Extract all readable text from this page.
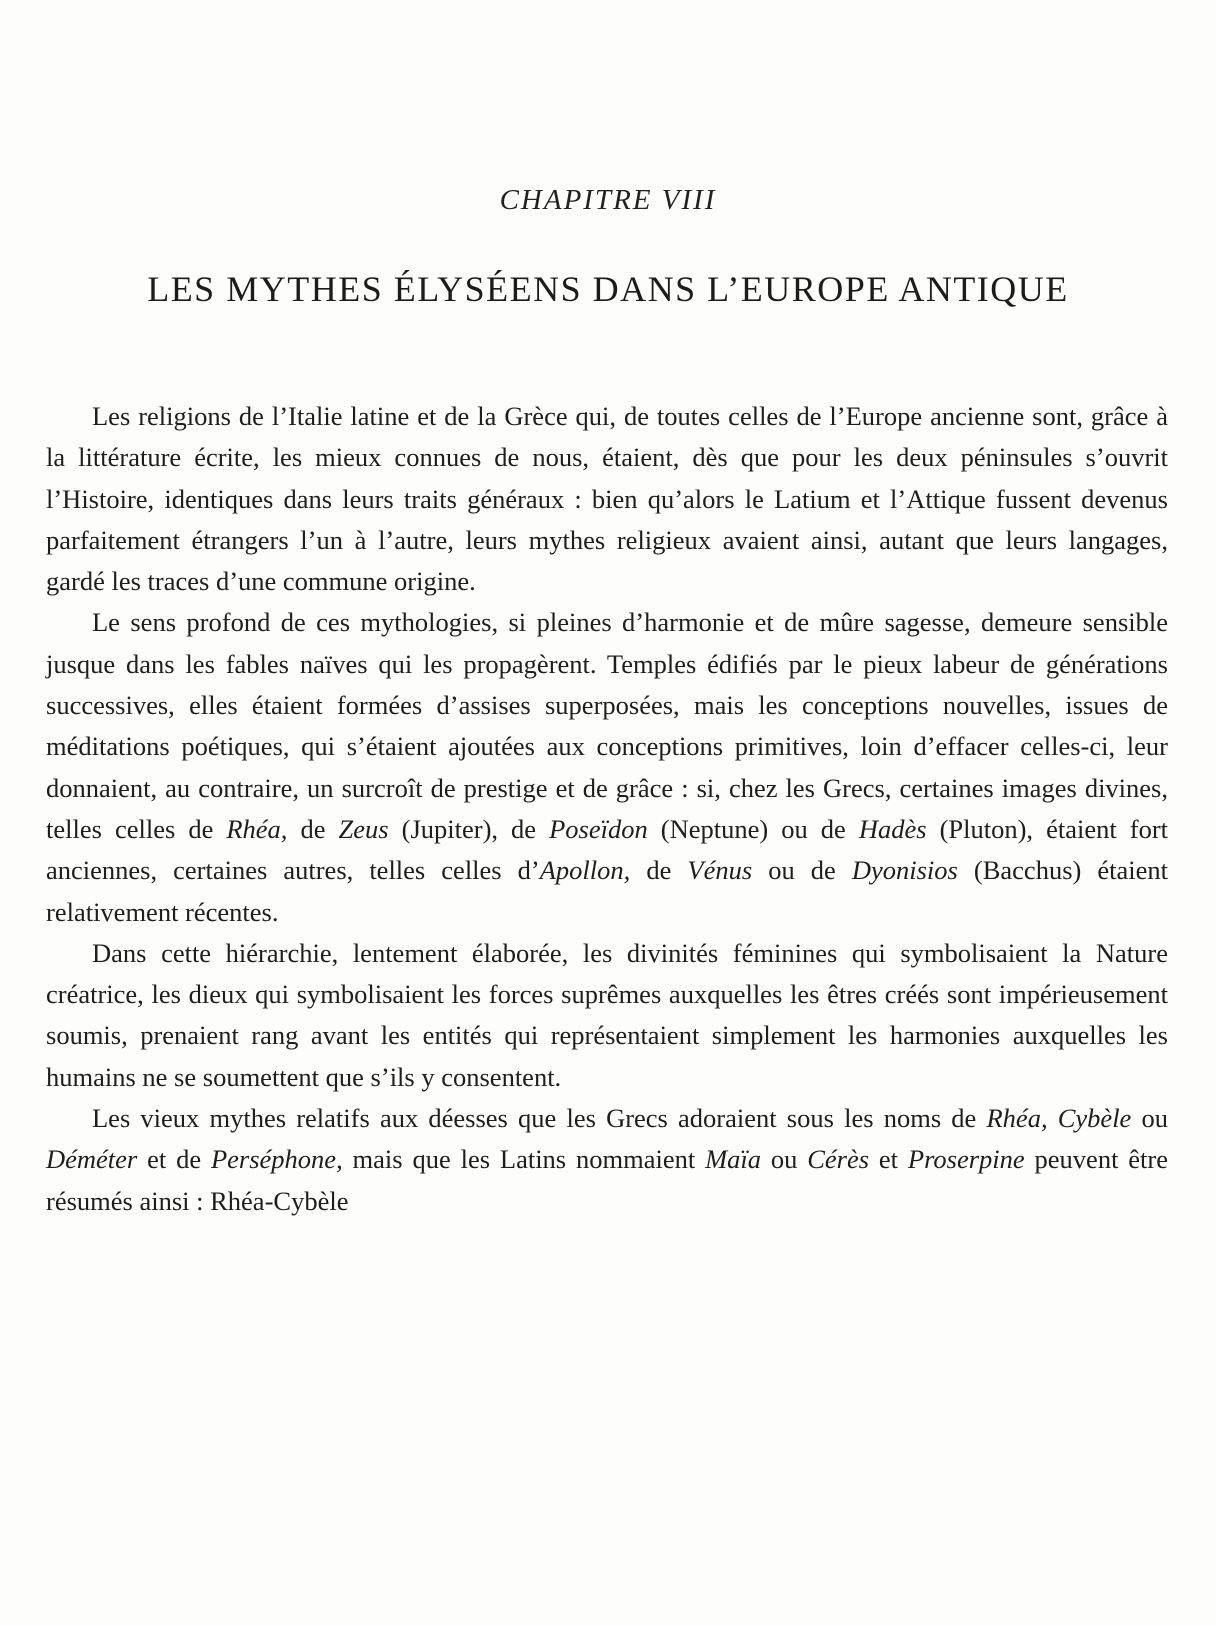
CHAPITRE VIII
LES MYTHES ÉLYSÉENS DANS L’EUROPE ANTIQUE

Les religions de l’Italie latine et de la Grèce qui, de toutes celles de l’Europe ancienne sont, grâce à la littérature écrite, les mieux connues de nous, étaient, dès que pour les deux péninsules s’ouvrit l’Histoire, identiques dans leurs traits généraux : bien qu’alors le Latium et l’Attique fussent devenus parfaitement étrangers l’un à l’autre, leurs mythes religieux avaient ainsi, autant que leurs langages, gardé les traces d’une commune origine.

Le sens profond de ces mythologies, si pleines d’harmonie et de mûre sagesse, demeure sensible jusque dans les fables naïves qui les propagèrent. Temples édifiés par le pieux labeur de générations successives, elles étaient formées d’assises superposées, mais les conceptions nouvelles, issues de méditations poétiques, qui s’étaient ajoutées aux conceptions primitives, loin d’effacer celles-ci, leur donnaient, au contraire, un surcroît de prestige et de grâce : si, chez les Grecs, certaines images divines, telles celles de Rhéa, de Zeus (Jupiter), de Poseïdon (Neptune) ou de Hadès (Pluton), étaient fort anciennes, certaines autres, telles celles d’Apollon, de Vénus ou de Dyonisios (Bacchus) étaient relativement récentes.

Dans cette hiérarchie, lentement élaborée, les divinités féminines qui symbolisaient la Nature créatrice, les dieux qui symbolisaient les forces suprêmes auxquelles les êtres créés sont impérieusement soumis, prenaient rang avant les entités qui représentaient simplement les harmonies auxquelles les humains ne se soumettent que s’ils y consentent.

Les vieux mythes relatifs aux déesses que les Grecs adoraient sous les noms de Rhéa, Cybèle ou Déméter et de Perséphone, mais que les Latins nommaient Maïa ou Cérès et Proserpine peuvent être résumés ainsi : Rhéa-Cybèle
